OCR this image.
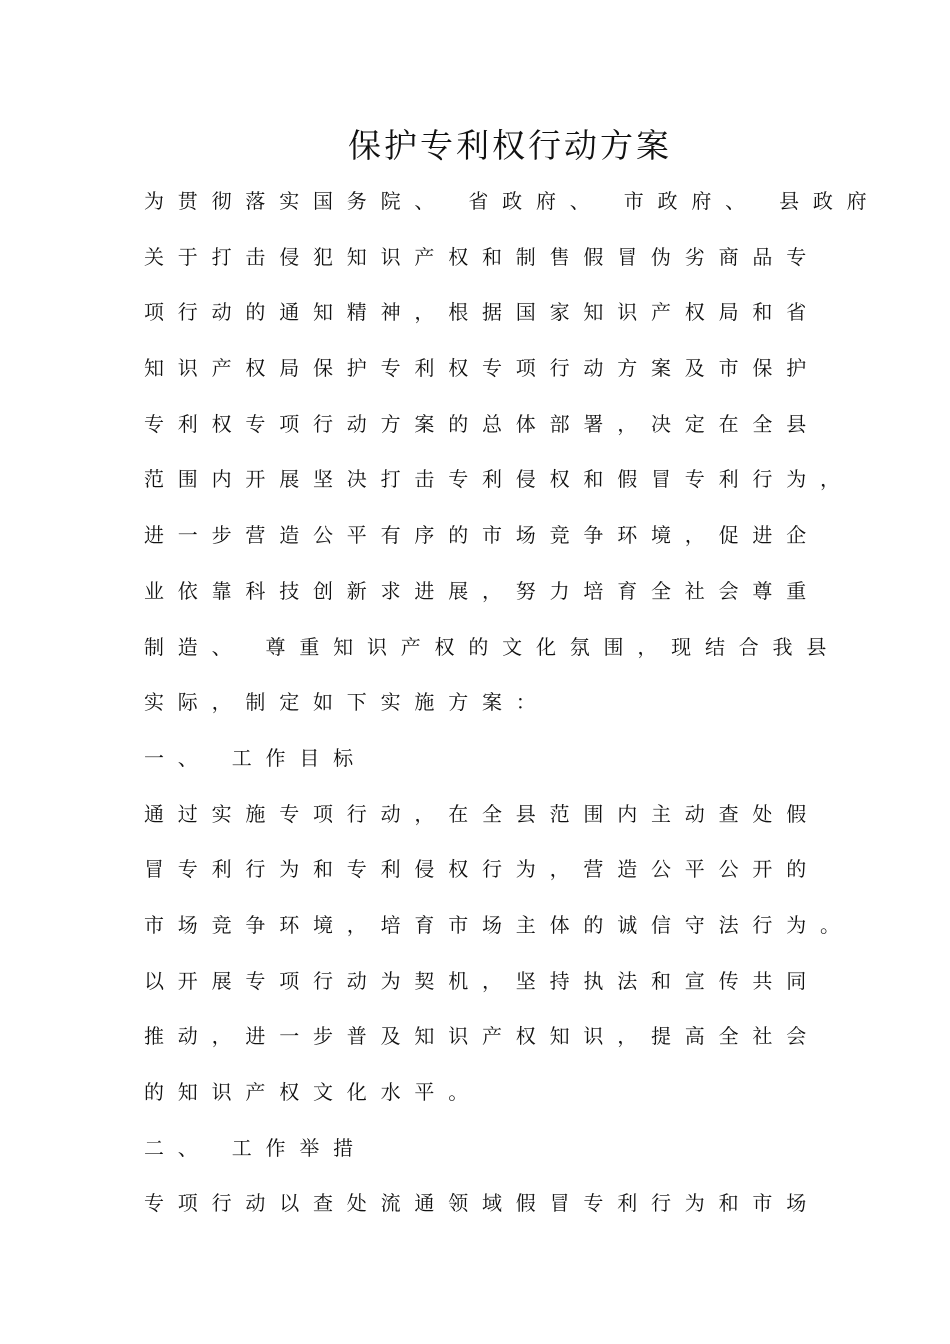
保护专利权行动方案
为贯彻落实国务院、 省政府、 市政府、 县政府
关于打击侵犯知识产权和制售假冒伪劣商品专
项行动的通知精神，根据国家知识产权局和省
知识产权局保护专利权专项行动方案及市保护
专利权专项行动方案的总体部署，决定在全县
范围内开展坚决打击专利侵权和假冒专利行为，
进一步营造公平有序的市场竞争环境，促进企
业依靠科技创新求进展，努力培育全社会尊重
制造、 尊重知识产权的文化氛围，现结合我县
实际，制定如下实施方案：
一、 工作目标
通过实施专项行动，在全县范围内主动查处假
冒专利行为和专利侵权行为，营造公平公开的
市场竞争环境，培育市场主体的诚信守法行为。
以开展专项行动为契机，坚持执法和宣传共同
推动，进一步普及知识产权知识，提高全社会
的知识产权文化水平。
二、 工作举措
专项行动以查处流通领域假冒专利行为和市场
